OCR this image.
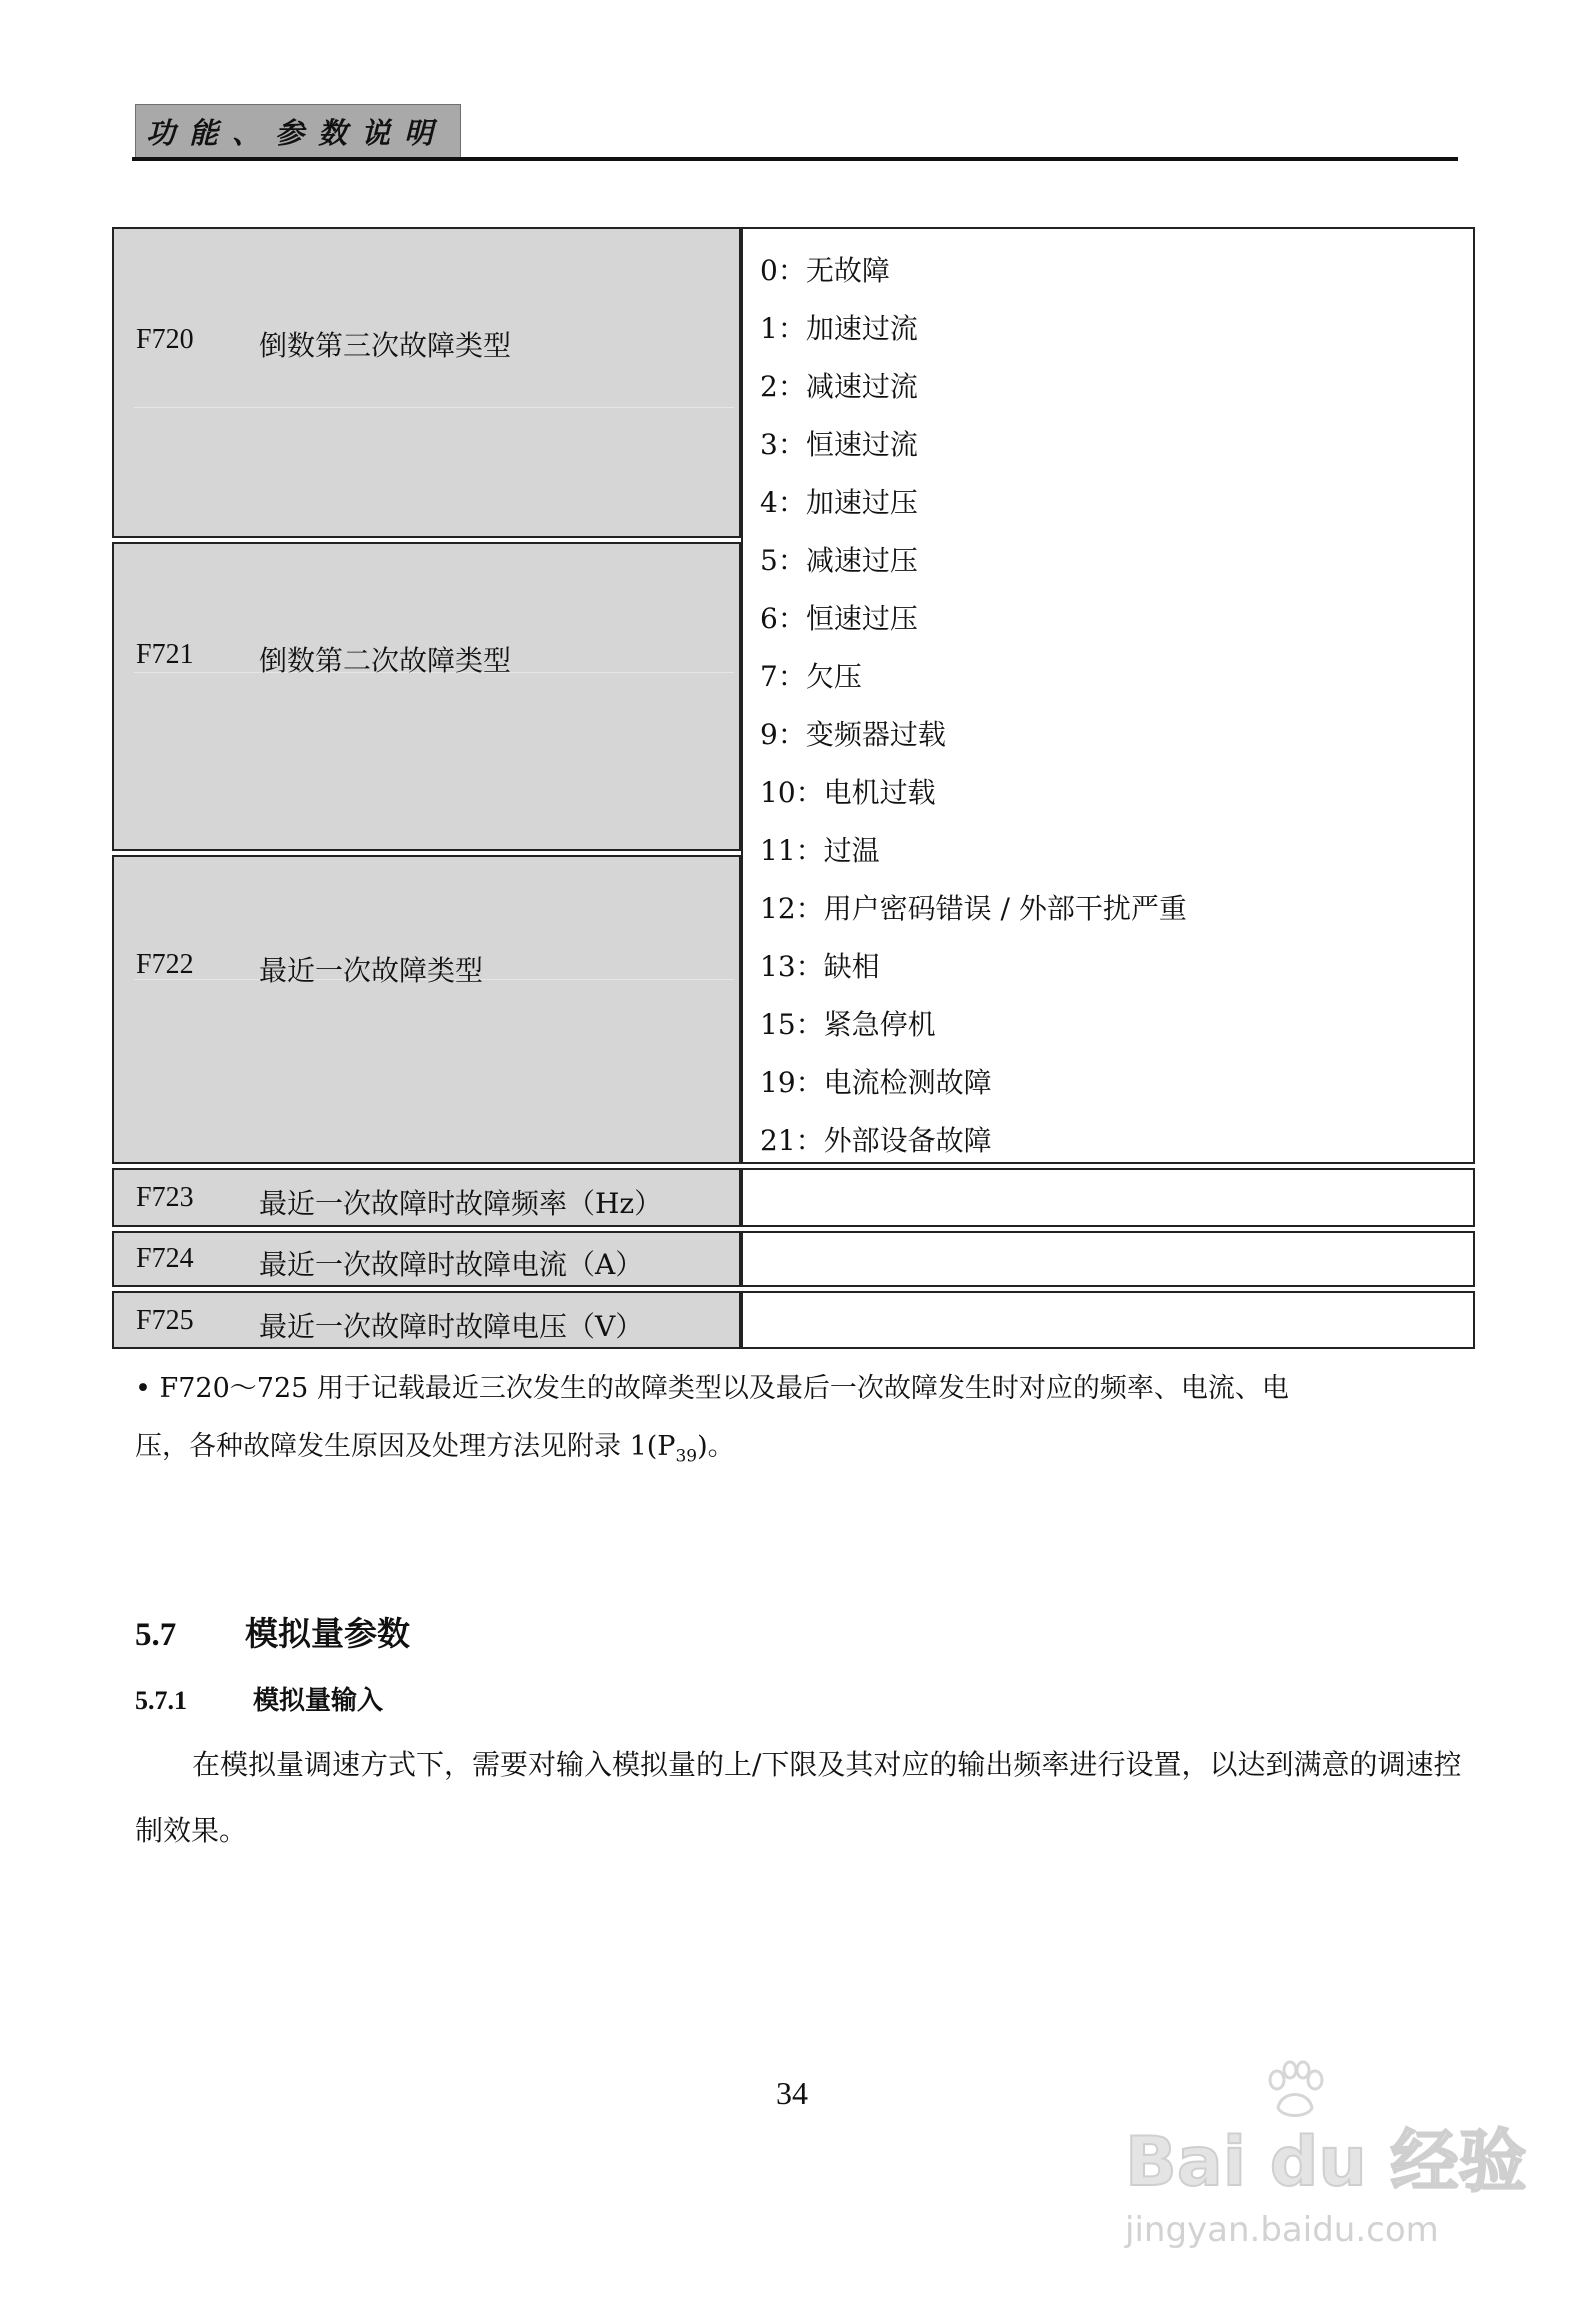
功能、参数说明
F720 倒数第三次故障类型
F721 倒数第二次故障类型
F722 最近一次故障类型
0：无故障
1：加速过流
2：减速过流
3：恒速过流
4：加速过压
5：减速过压
6：恒速过压
7：欠压
9：变频器过载
10：电机过载
11：过温
12：用户密码错误 / 外部干扰严重
13：缺相
15：紧急停机
19：电流检测故障
21：外部设备故障
F723 最近一次故障时故障频率（Hz）
F724 最近一次故障时故障电流（A）
F725 最近一次故障时故障电压（V）
• F720～725 用于记载最近三次发生的故障类型以及最后一次故障发生时对应的频率、电流、电
压，各种故障发生原因及处理方法见附录 $1(P_{39})$。
5.7 模拟量参数
5.7.1	模拟量输入
在模拟量调速方式下，需要对输入模拟量的上/下限及其对应的输出频率进行设置，以达到满意的调速控制效果。
34
Bai du 经验
jingyan.baidu.com
